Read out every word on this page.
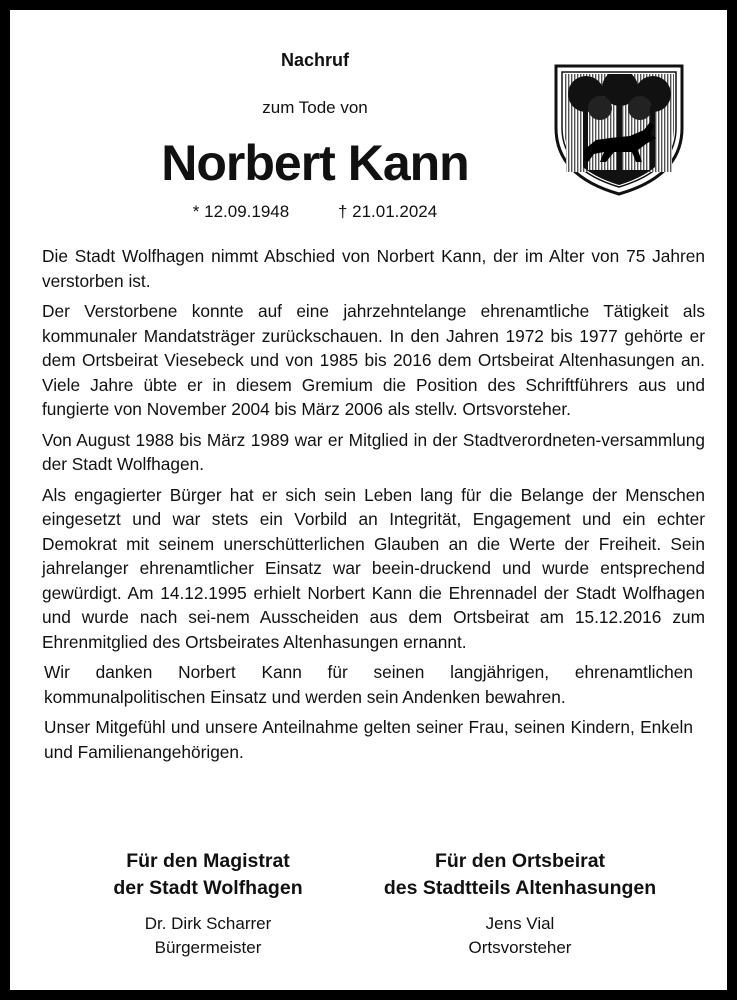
Nachruf
zum Tode von
Norbert Kann
* 12.09.1948	† 21.01.2024

Die Stadt Wolfhagen nimmt Abschied von Norbert Kann, der im Alter von 75 Jahren verstorben ist.

Der Verstorbene konnte auf eine jahrzehntelange ehrenamtliche Tätigkeit als kommunaler Mandatsträger zurückschauen. In den Jahren 1972 bis 1977 gehörte er dem Ortsbeirat Viesebeck und von 1985 bis 2016 dem Ortsbeirat Altenhasungen an. Viele Jahre übte er in diesem Gremium die Position des Schriftführers aus und fungierte von November 2004 bis März 2006 als stellv. Ortsvorsteher.

Von August 1988 bis März 1989 war er Mitglied in der Stadtverordneten-versammlung der Stadt Wolfhagen.

Als engagierter Bürger hat er sich sein Leben lang für die Belange der Menschen eingesetzt und war stets ein Vorbild an Integrität, Engagement und ein echter Demokrat mit seinem unerschütterlichen Glauben an die Werte der Freiheit. Sein jahrelanger ehrenamtlicher Einsatz war beein-druckend und wurde entsprechend gewürdigt. Am 14.12.1995 erhielt Norbert Kann die Ehrennadel der Stadt Wolfhagen und wurde nach sei-nem Ausscheiden aus dem Ortsbeirat am 15.12.2016 zum Ehrenmitglied des Ortsbeirates Altenhasungen ernannt.

Wir danken Norbert Kann für seinen langjährigen, ehrenamtlichen kommunalpolitischen Einsatz und werden sein Andenken bewahren.

Unser Mitgefühl und unsere Anteilnahme gelten seiner Frau, seinen Kindern, Enkeln und Familienangehörigen.

Für den Magistrat
der Stadt Wolfhagen
Dr. Dirk Scharrer
Bürgermeister
Für den Ortsbeirat
des Stadtteils Altenhasungen
Jens Vial
Ortsvorsteher
